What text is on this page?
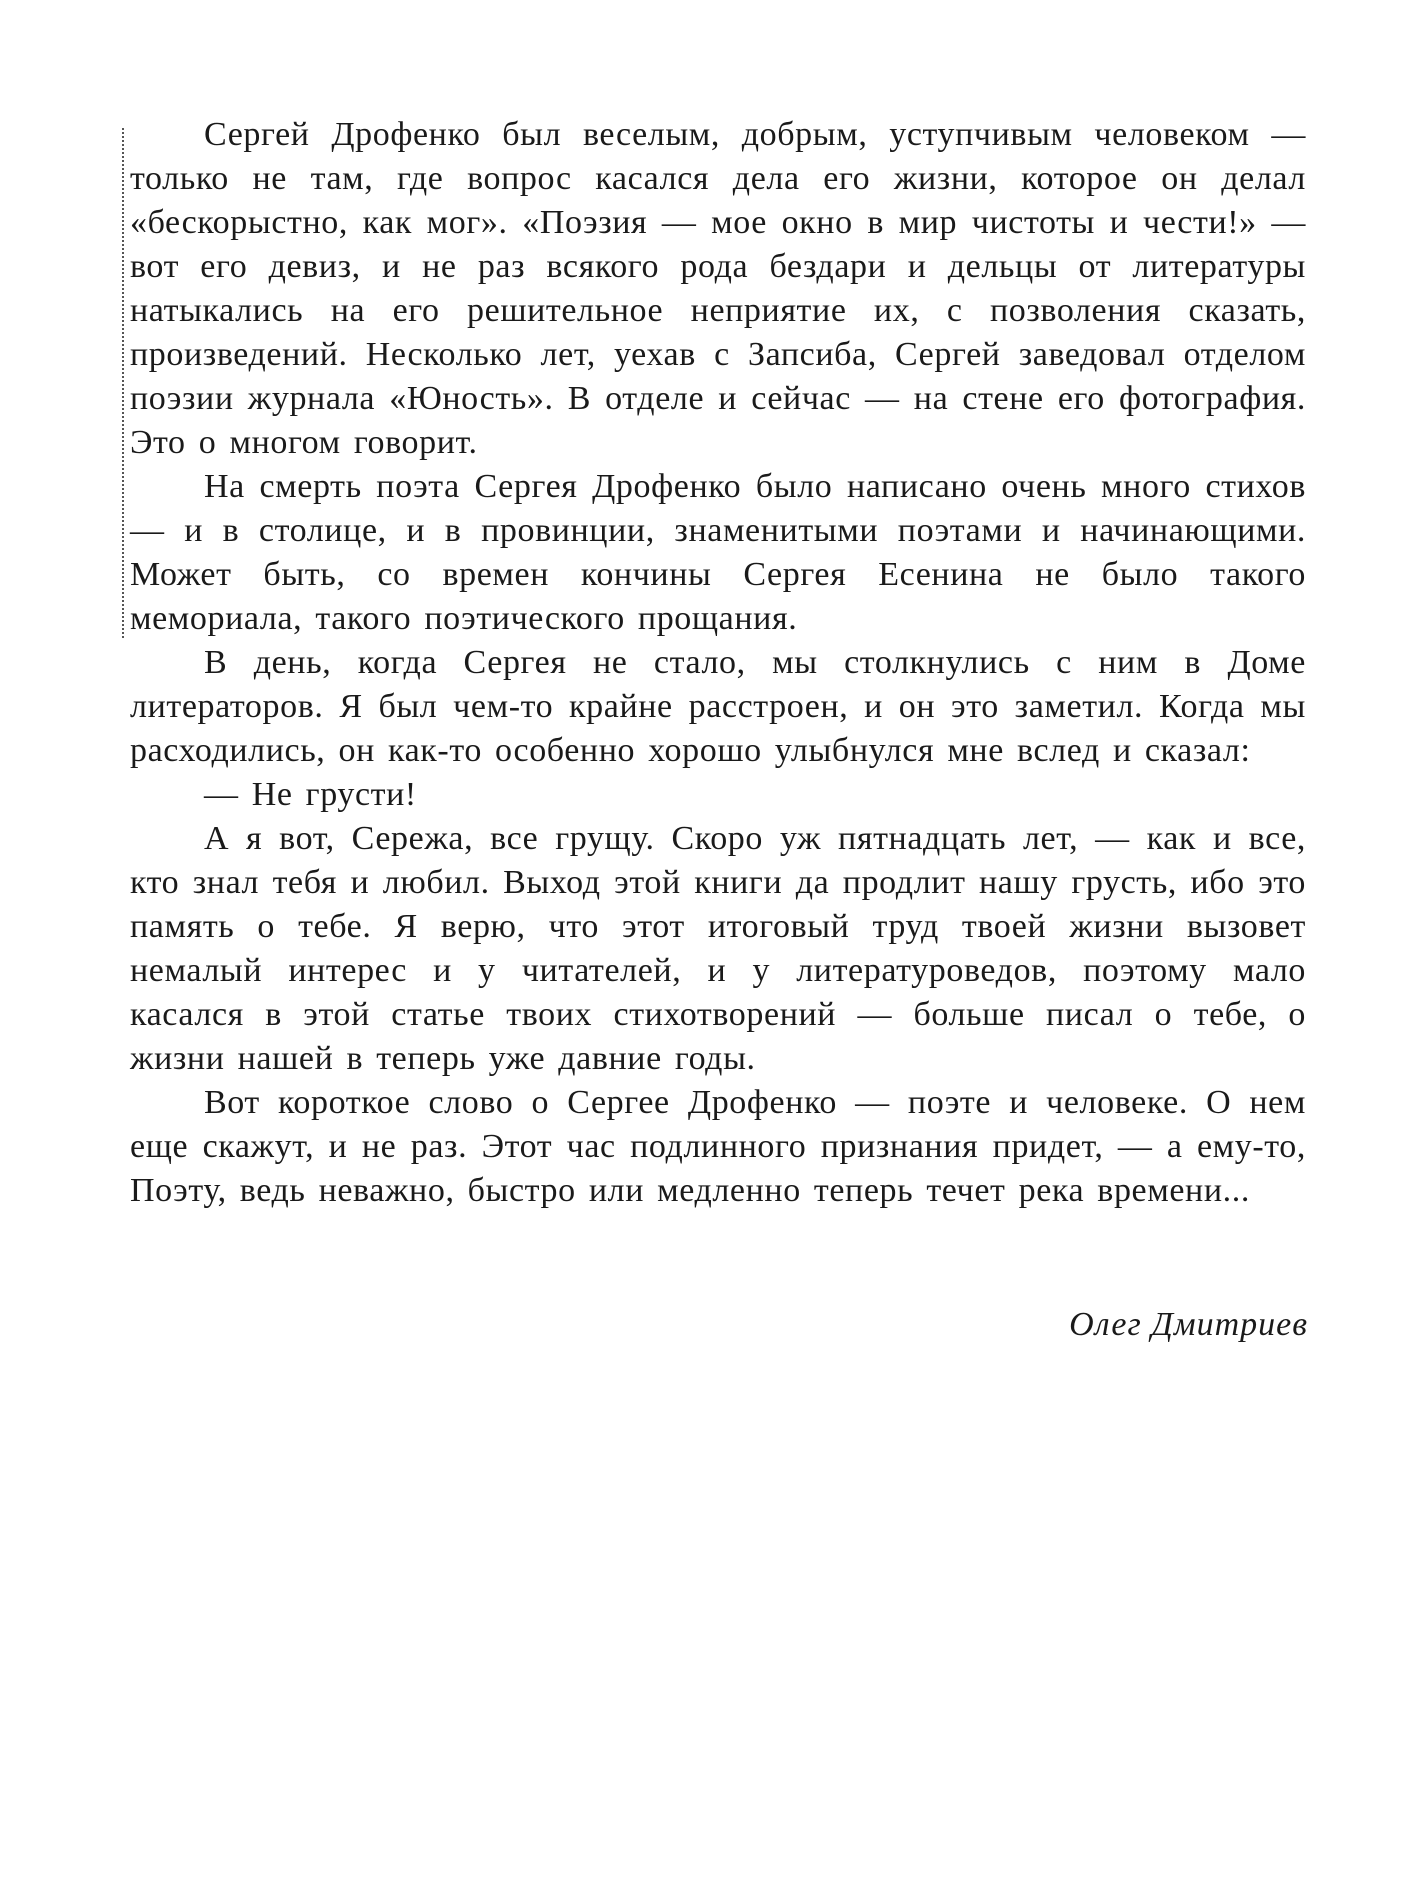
Сергей Дрофенко был веселым, добрым, уступчивым человеком — только не там, где вопрос касался дела его жизни, которое он делал «бескорыстно, как мог». «Поэзия — мое окно в мир чистоты и чести!» — вот его девиз, и не раз всякого рода бездари и дельцы от литературы натыкались на его решительное неприятие их, с позволения сказать, произведений. Несколько лет, уехав с Запсиба, Сергей заведовал отделом поэзии журнала «Юность». В отделе и сейчас — на стене его фотография. Это о многом говорит.

На смерть поэта Сергея Дрофенко было написано очень много стихов — и в столице, и в провинции, знаменитыми поэтами и начинающими. Может быть, со времен кончины Сергея Есенина не было такого мемориала, такого поэтического прощания.

В день, когда Сергея не стало, мы столкнулись с ним в Доме литераторов. Я был чем-то крайне расстроен, и он это заметил. Когда мы расходились, он как-то особенно хорошо улыбнулся мне вслед и сказал:

— Не грусти!

А я вот, Сережа, все грущу. Скоро уж пятнадцать лет, — как и все, кто знал тебя и любил. Выход этой книги да продлит нашу грусть, ибо это память о тебе. Я верю, что этот итоговый труд твоей жизни вызовет немалый интерес и у читателей, и у литературоведов, поэтому мало касался в этой статье твоих стихотворений — больше писал о тебе, о жизни нашей в теперь уже давние годы.

Вот короткое слово о Сергее Дрофенко — поэте и человеке. О нем еще скажут, и не раз. Этот час подлинного признания придет, — а ему-то, Поэту, ведь неважно, быстро или медленно теперь течет река времени...

Олег Дмитриев
